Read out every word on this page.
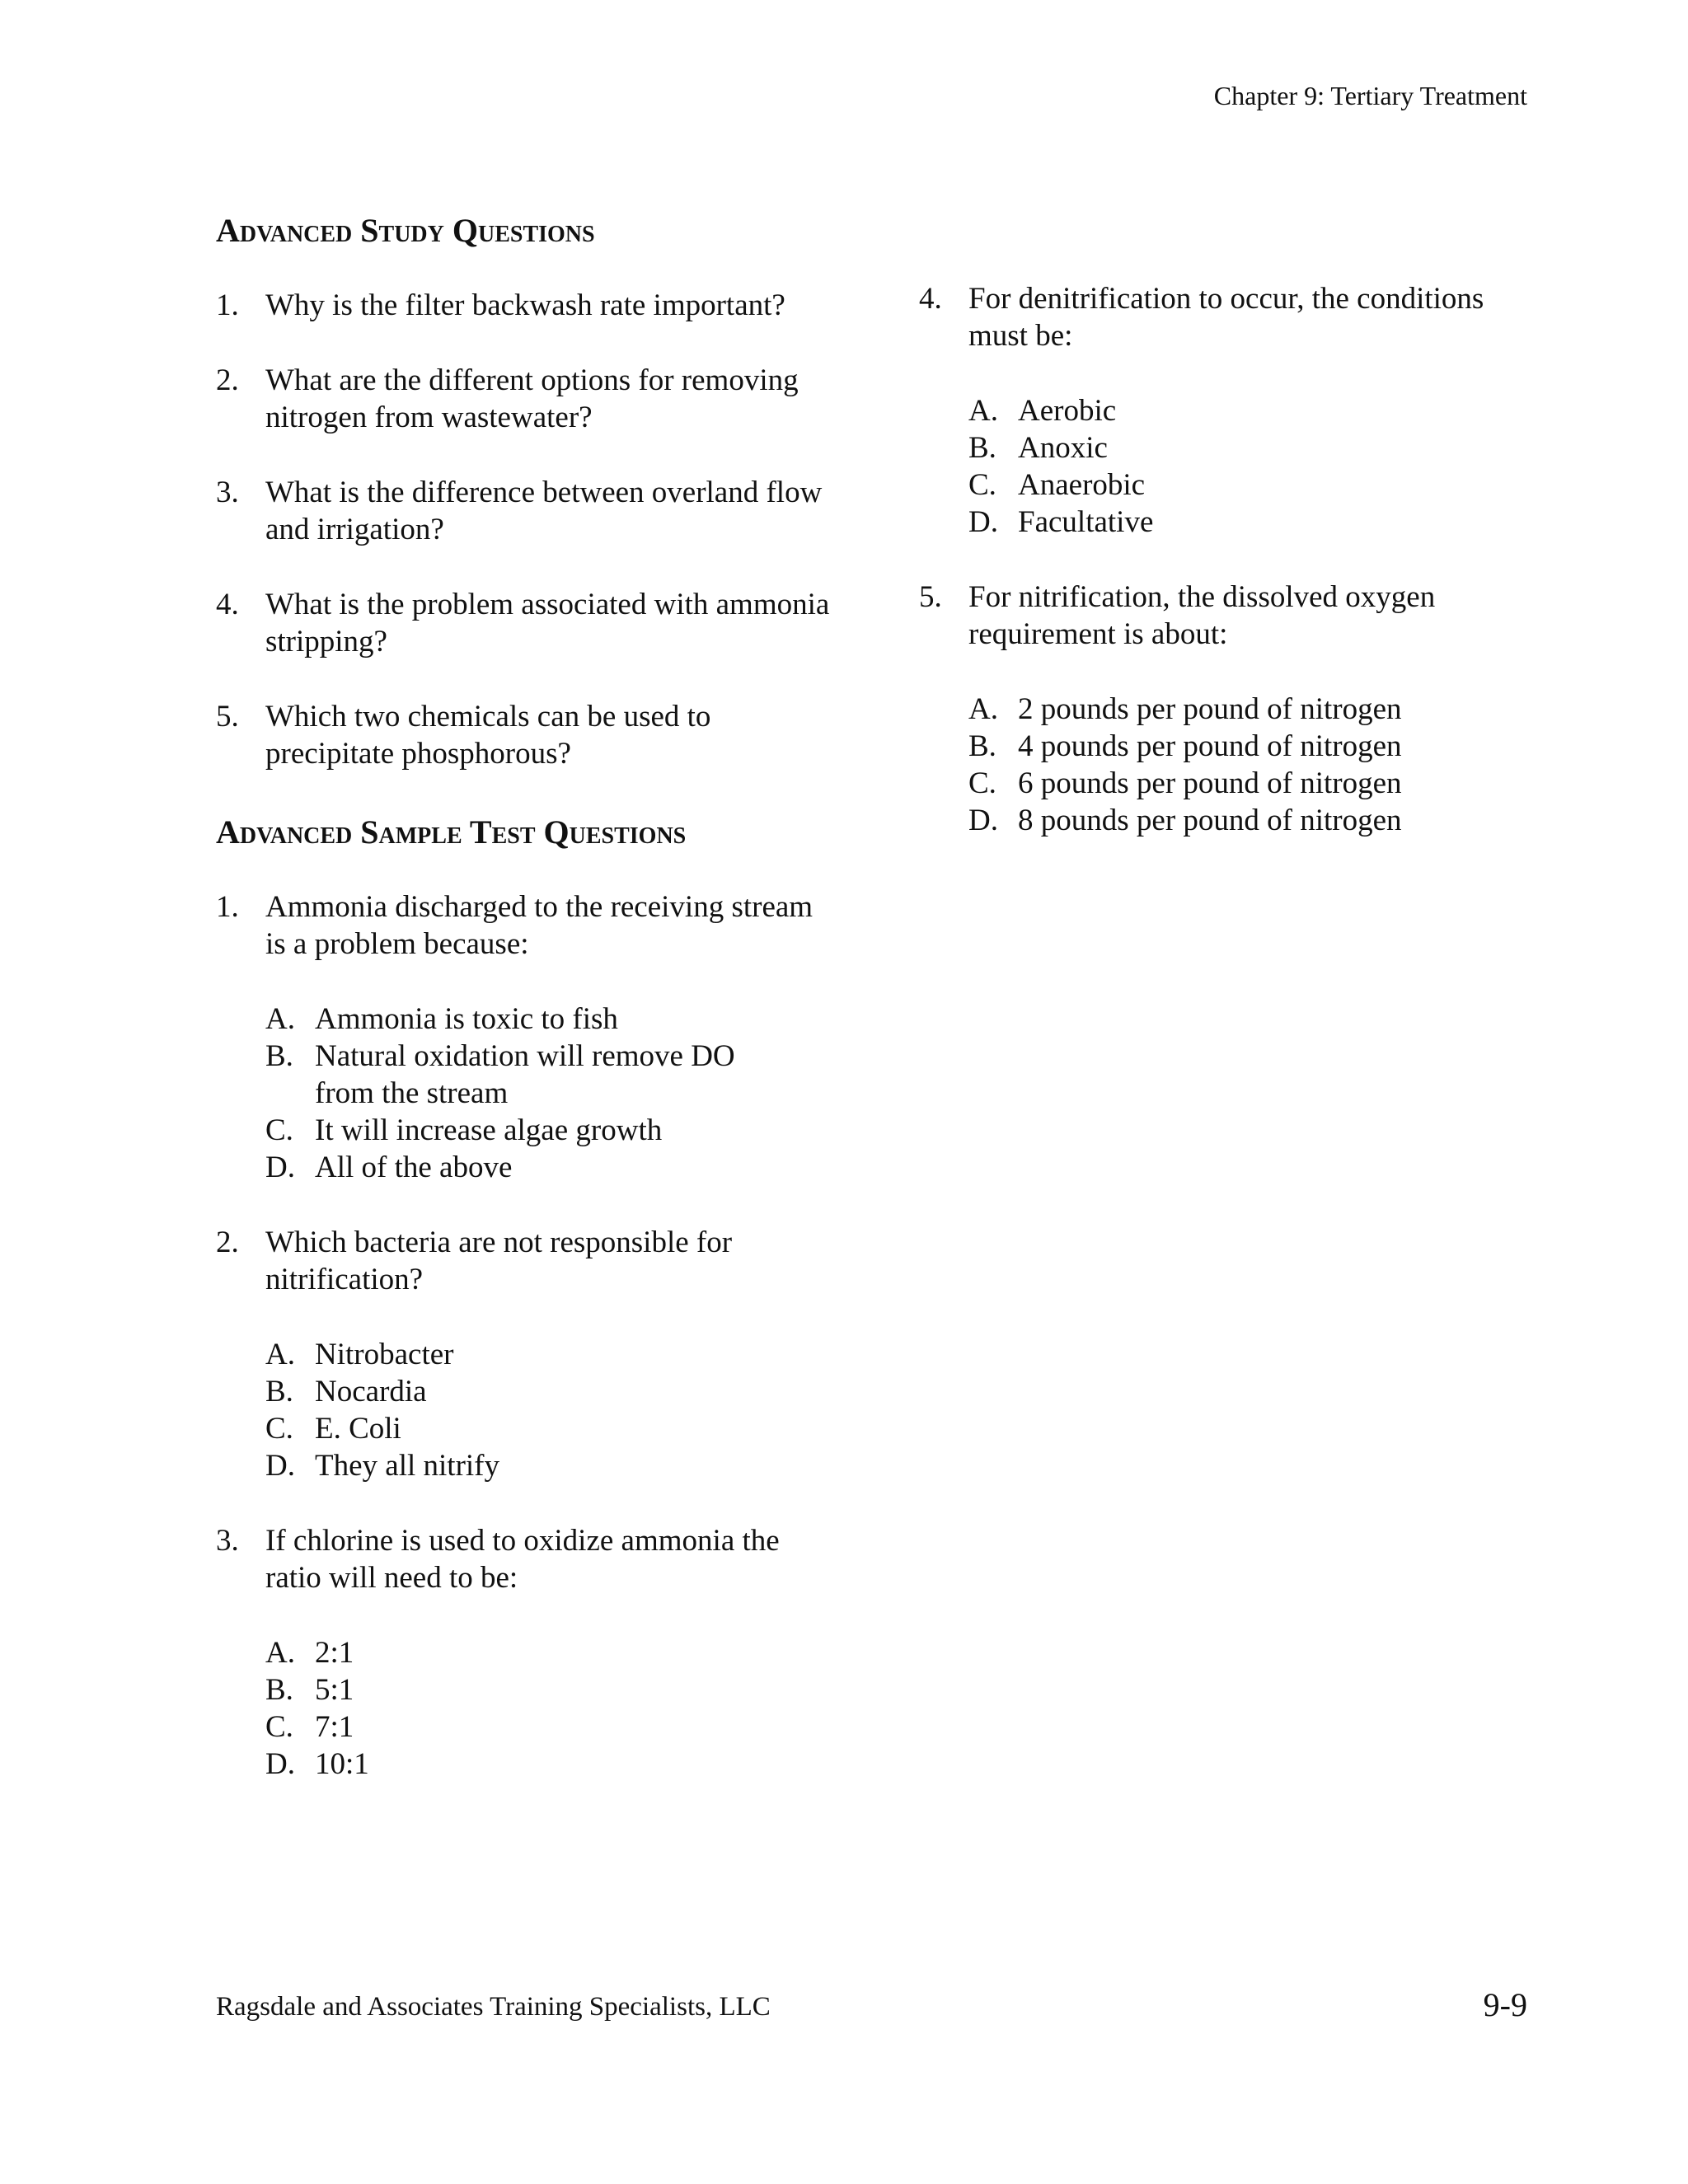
Chapter 9: Tertiary Treatment
Advanced Study Questions
1. Why is the filter backwash rate important?
2. What are the different options for removing nitrogen from wastewater?
3. What is the difference between overland flow and irrigation?
4. What is the problem associated with ammonia stripping?
5. Which two chemicals can be used to precipitate phosphorous?
Advanced Sample Test Questions
1. Ammonia discharged to the receiving stream is a problem because:
A. Ammonia is toxic to fish
B. Natural oxidation will remove DO from the stream
C. It will increase algae growth
D. All of the above
2. Which bacteria are not responsible for nitrification?
A. Nitrobacter
B. Nocardia
C. E. Coli
D. They all nitrify
3. If chlorine is used to oxidize ammonia the ratio will need to be:
A. 2:1
B. 5:1
C. 7:1
D. 10:1
4. For denitrification to occur, the conditions must be:
A. Aerobic
B. Anoxic
C. Anaerobic
D. Facultative
5. For nitrification, the dissolved oxygen requirement is about:
A. 2 pounds per pound of nitrogen
B. 4 pounds per pound of nitrogen
C. 6 pounds per pound of nitrogen
D. 8 pounds per pound of nitrogen
Ragsdale and Associates Training Specialists, LLC	9-9
